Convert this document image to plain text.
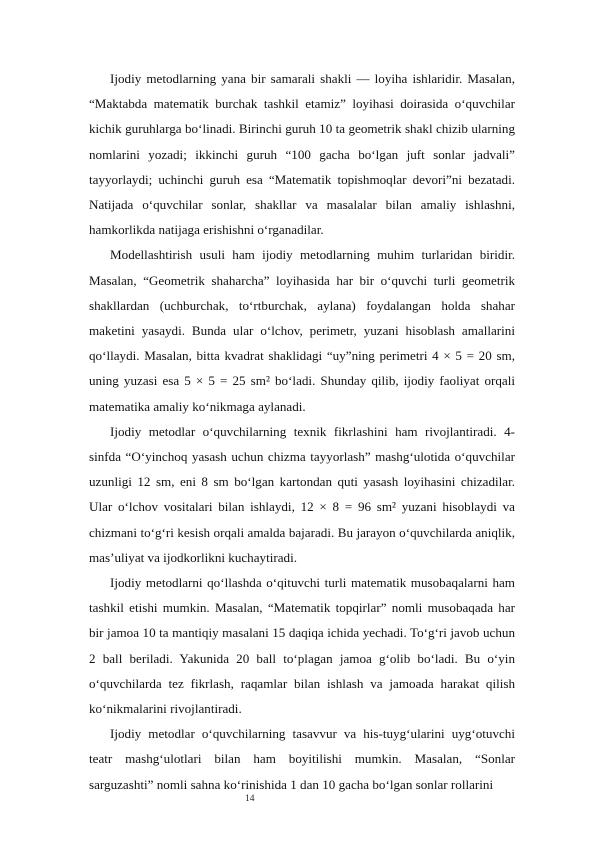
Ijodiy metodlarning yana bir samarali shakli — loyiha ishlaridir. Masalan, “Maktabda matematik burchak tashkil etamiz” loyihasi doirasida o‘quvchilar kichik guruhlarga bo‘linadi. Birinchi guruh 10 ta geometrik shakl chizib ularning nomlarini yozadi; ikkinchi guruh “100 gacha bo‘lgan juft sonlar jadvali” tayyorlaydi; uchinchi guruh esa “Matematik topishmoqlar devori”ni bezatadi. Natijada o‘quvchilar sonlar, shakllar va masalalar bilan amaliy ishlashni, hamkorlikda natijaga erishishni o‘rganadilar.

Modellashtirish usuli ham ijodiy metodlarning muhim turlaridan biridir. Masalan, “Geometrik shaharcha” loyihasida har bir o‘quvchi turli geometrik shakllardan (uchburchak, to‘rtburchak, aylana) foydalangan holda shahar maketini yasaydi. Bunda ular o‘lchov, perimetr, yuzani hisoblash amallarini qo‘llaydi. Masalan, bitta kvadrat shaklidagi “uy”ning perimetri 4 × 5 = 20 sm, uning yuzasi esa 5 × 5 = 25 sm² bo‘ladi. Shunday qilib, ijodiy faoliyat orqali matematika amaliy ko‘nikmaga aylanadi.

Ijodiy metodlar o‘quvchilarning texnik fikrlashini ham rivojlantiradi. 4-sinfda “O‘yinchoq yasash uchun chizma tayyorlash” mashg‘ulotida o‘quvchilar uzunligi 12 sm, eni 8 sm bo‘lgan kartondan quti yasash loyihasini chizadilar. Ular o‘lchov vositalari bilan ishlaydi, 12 × 8 = 96 sm² yuzani hisoblaydi va chizmani to‘g‘ri kesish orqali amalda bajaradi. Bu jarayon o‘quvchilarda aniqlik, mas’uliyat va ijodkorlikni kuchaytiradi.

Ijodiy metodlarni qo‘llashda o‘qituvchi turli matematik musobaqalarni ham tashkil etishi mumkin. Masalan, “Matematik topqirlar” nomli musobaqada har bir jamoa 10 ta mantiqiy masalani 15 daqiqa ichida yechadi. To‘g‘ri javob uchun 2 ball beriladi. Yakunida 20 ball to‘plagan jamoa g‘olib bo‘ladi. Bu o‘yin o‘quvchilarda tez fikrlash, raqamlar bilan ishlash va jamoada harakat qilish ko‘nikmalarini rivojlantiradi.

Ijodiy metodlar o‘quvchilarning tasavvur va his-tuyg‘ularini uyg‘otuvchi teatr mashg‘ulotlari bilan ham boyitilishi mumkin. Masalan, “Sonlar sarguzashti” nomli sahna ko‘rinishida 1 dan 10 gacha bo‘lgan sonlar rollarini

14
